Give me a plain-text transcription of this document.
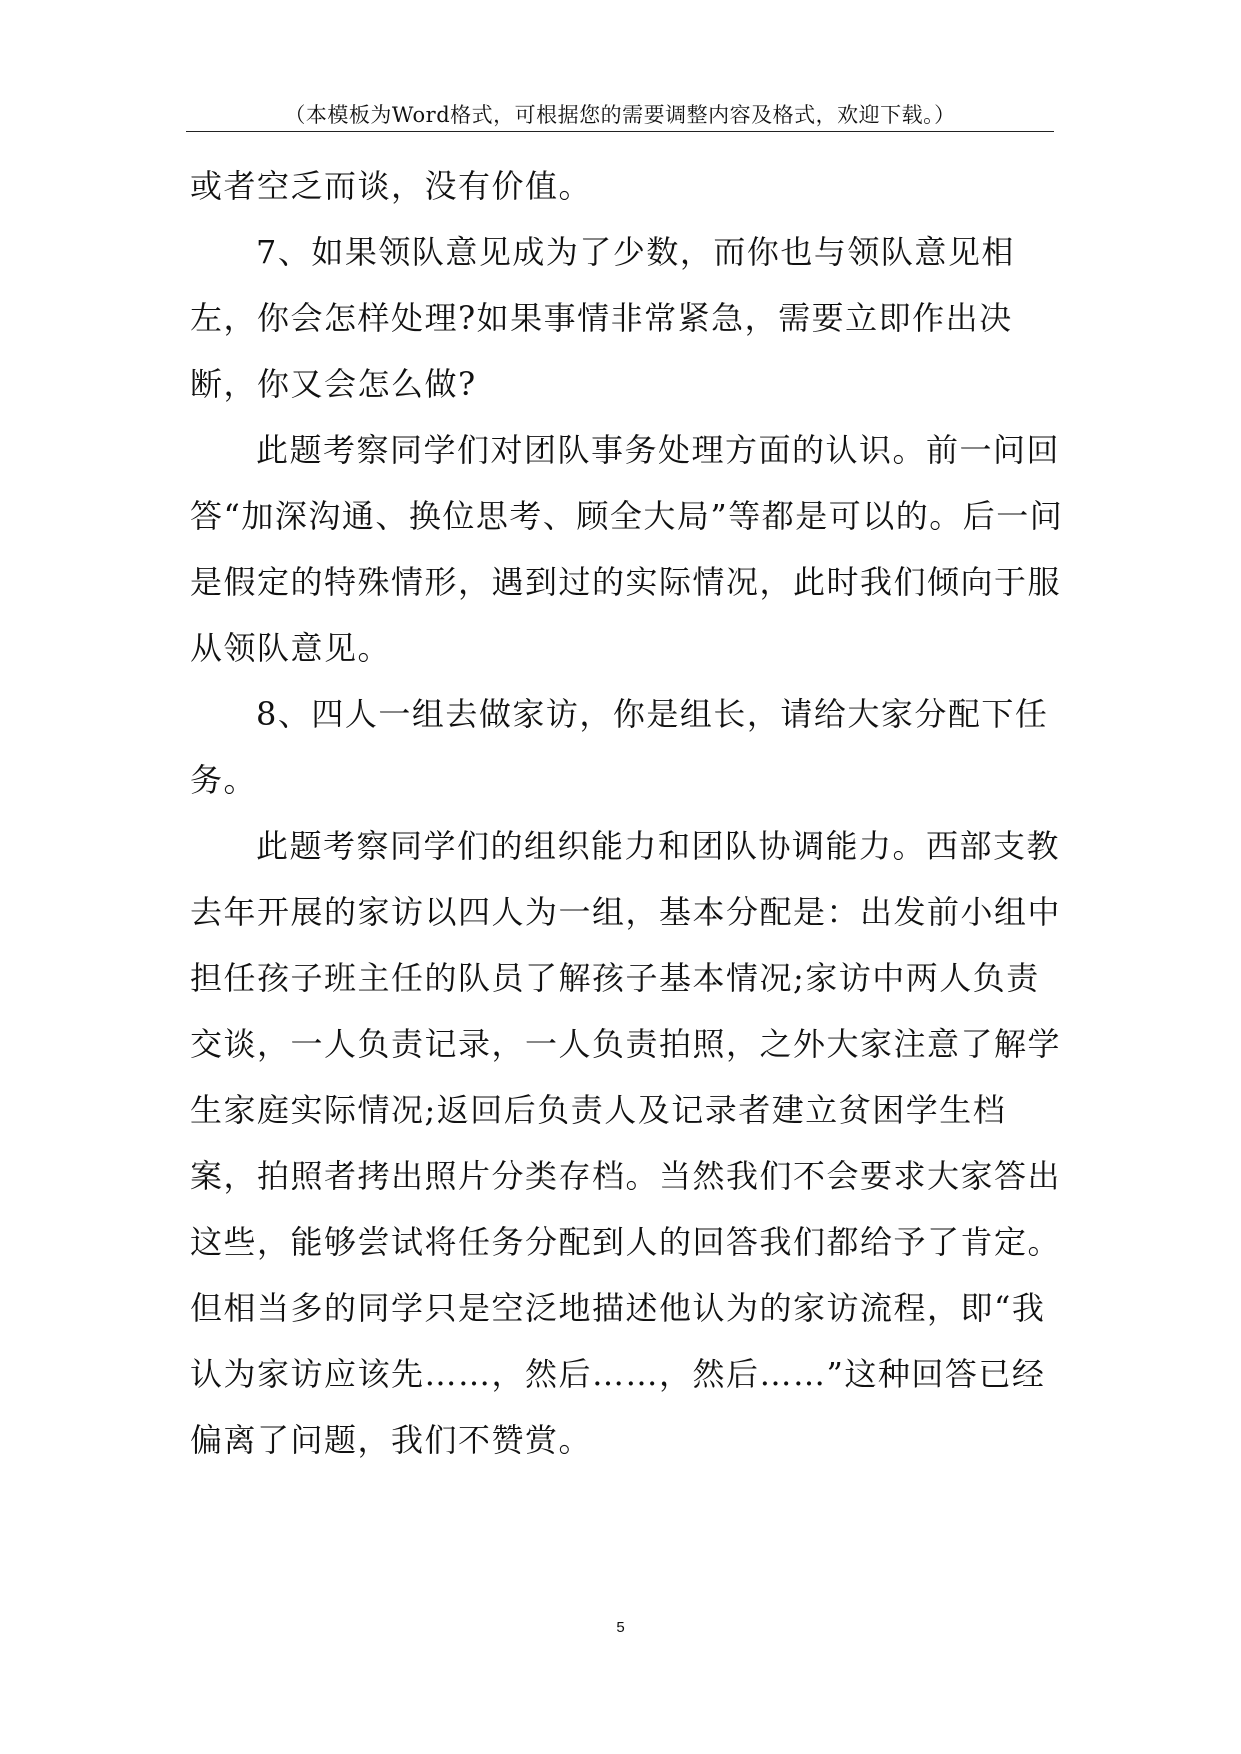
（本模板为Word格式，可根据您的需要调整内容及格式，欢迎下载。）

或者空乏而谈，没有价值。

7、如果领队意见成为了少数，而你也与领队意见相左，你会怎样处理?如果事情非常紧急，需要立即作出决断，你又会怎么做?

此题考察同学们对团队事务处理方面的认识。前一问回答“加深沟通、换位思考、顾全大局”等都是可以的。后一问是假定的特殊情形，遇到过的实际情况，此时我们倾向于服从领队意见。

8、四人一组去做家访，你是组长，请给大家分配下任务。

此题考察同学们的组织能力和团队协调能力。西部支教去年开展的家访以四人为一组，基本分配是：出发前小组中担任孩子班主任的队员了解孩子基本情况;家访中两人负责交谈，一人负责记录，一人负责拍照，之外大家注意了解学生家庭实际情况;返回后负责人及记录者建立贫困学生档案，拍照者拷出照片分类存档。当然我们不会要求大家答出这些，能够尝试将任务分配到人的回答我们都给予了肯定。但相当多的同学只是空泛地描述他认为的家访流程，即“我认为家访应该先……，然后……，然后……”这种回答已经偏离了问题，我们不赞赏。

5
